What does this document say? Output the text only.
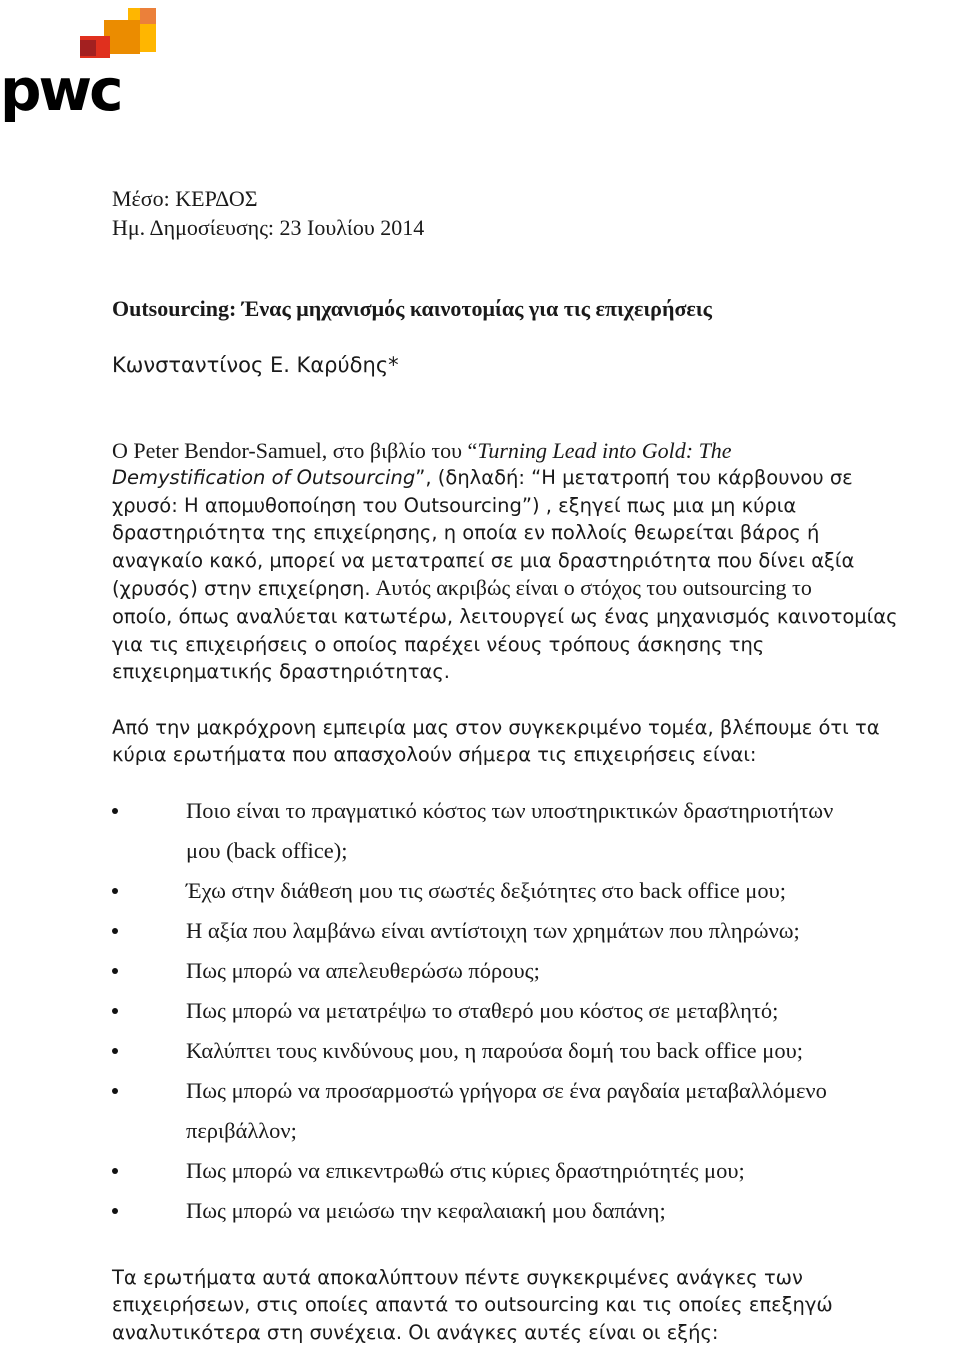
pwc
Μέσο: ΚΕΡΔΟΣ
Ημ. Δημοσίευσης: 23 Ιουλίου 2014
Outsourcing: Ένας μηχανισμός καινοτομίας για τις επιχειρήσεις
Κωνσταντίνος Ε. Καρύδης*

Ο Peter Bendor-Samuel, στο βιβλίο του “Turning Lead into Gold: The

Demystification of Outsourcing”, (δηλαδή: “Η μετατροπή του κάρβουνου σε

χρυσό: Η απομυθοποίηση του Outsourcing”) , εξηγεί πως μια μη κύρια

δραστηριότητα της επιχείρησης, η οποία εν πολλοίς θεωρείται βάρος ή

αναγκαίο κακό, μπορεί να μετατραπεί σε μια δραστηριότητα που δίνει αξία

(χρυσός) στην επιχείρηση. Αυτός ακριβώς είναι ο στόχος του outsourcing το

οποίο, όπως αναλύεται κατωτέρω, λειτουργεί ως ένας μηχανισμός καινοτομίας

για τις επιχειρήσεις ο οποίος παρέχει νέους τρόπους άσκησης της

επιχειρηματικής δραστηριότητας.

Από την μακρόχρονη εμπειρία μας στον συγκεκριμένο τομέα, βλέπουμε ότι τα

κύρια ερωτήματα που απασχολούν σήμερα τις επιχειρήσεις είναι:

Ποιο είναι το πραγματικό κόστος των υποστηρικτικών δραστηριοτήτων
μου (back office);
Έχω στην διάθεση μου τις σωστές δεξιότητες στο back office μου;
Η αξία που λαμβάνω είναι αντίστοιχη των χρημάτων που πληρώνω;
Πως μπορώ να απελευθερώσω πόρους;
Πως μπορώ να μετατρέψω το σταθερό μου κόστος σε μεταβλητό;
Καλύπτει τους κινδύνους μου, η παρούσα δομή του back office μου;
Πως μπορώ να προσαρμοστώ γρήγορα σε ένα ραγδαία μεταβαλλόμενο
περιβάλλον;
Πως μπορώ να επικεντρωθώ στις κύριες δραστηριότητές μου;
Πως μπορώ να μειώσω την κεφαλαιακή μου δαπάνη;

Τα ερωτήματα αυτά αποκαλύπτουν πέντε συγκεκριμένες ανάγκες των

επιχειρήσεων, στις οποίες απαντά το outsourcing και τις οποίες επεξηγώ

αναλυτικότερα στη συνέχεια. Οι ανάγκες αυτές είναι οι εξής:
